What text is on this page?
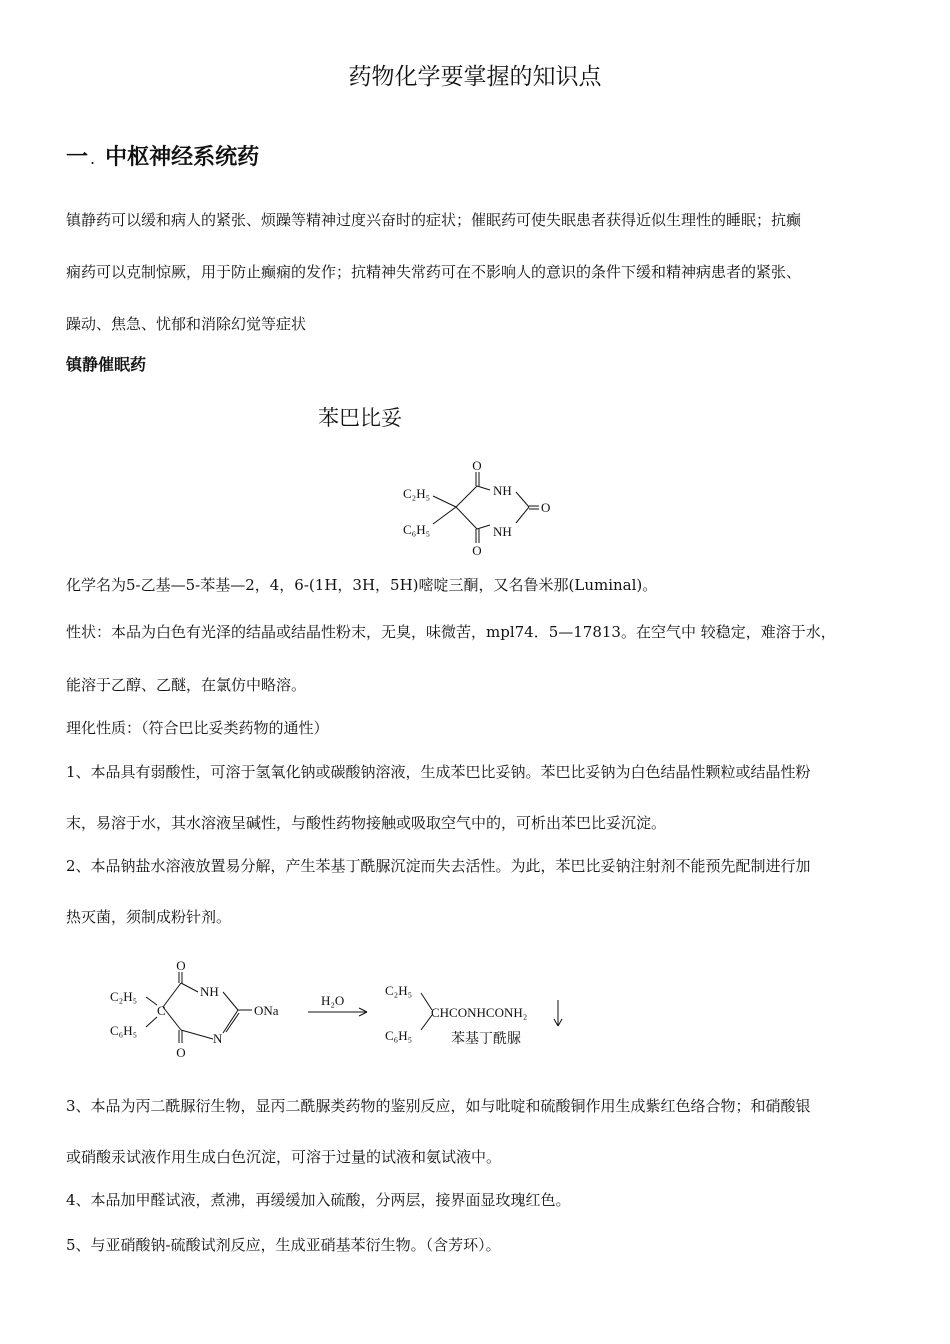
药物化学要掌握的知识点
一 . 中枢神经系统药
镇静药可以缓和病人的紧张、烦躁等精神过度兴奋时的症状；催眠药可使失眠患者获得近似生理性的睡眠；抗癫
痫药可以克制惊厥，用于防止癫痫的发作；抗精神失常药可在不影响人的意识的条件下缓和精神病患者的紧张、
躁动、焦急、忧郁和消除幻觉等症状
镇静催眠药
苯巴比妥
O
NH
O
NH
O
C₂H₅
C₆H₅
化学名为5-乙基—5-苯基—2，4，6-(1H，3H，5H)嘧啶三酮，又名鲁米那(Luminal)。
性状：本品为白色有光泽的结晶或结晶性粉末，无臭，味微苦，mpl74．5—17813。在空气中 较稳定，难溶于水，
能溶于乙醇、乙醚，在氯仿中略溶。
理化性质：（符合巴比妥类药物的通性）
1、本品具有弱酸性，可溶于氢氧化钠或碳酸钠溶液，生成苯巴比妥钠。苯巴比妥钠为白色结晶性颗粒或结晶性粉
末，易溶于水，其水溶液呈碱性，与酸性药物接触或吸取空气中的，可析出苯巴比妥沉淀。
2、本品钠盐水溶液放置易分解，产生苯基丁酰脲沉淀而失去活性。为此，苯巴比妥钠注射剂不能预先配制进行加
热灭菌，须制成粉针剂。
O
NH
ONa
C
N
O
C₂H₅
C₆H₅
H₂O
C₂H₅
C₆H₅
CHCONHCONH₂
苯基丁酰脲
3、本品为丙二酰脲衍生物，显丙二酰脲类药物的鉴别反应，如与吡啶和硫酸铜作用生成紫红色络合物；和硝酸银
或硝酸汞试液作用生成白色沉淀，可溶于过量的试液和氨试液中。
4、本品加甲醛试液，煮沸，再缓缓加入硫酸，分两层，接界面显玫瑰红色。
5、与亚硝酸钠-硫酸试剂反应，生成亚硝基苯衍生物。（含芳环）。
